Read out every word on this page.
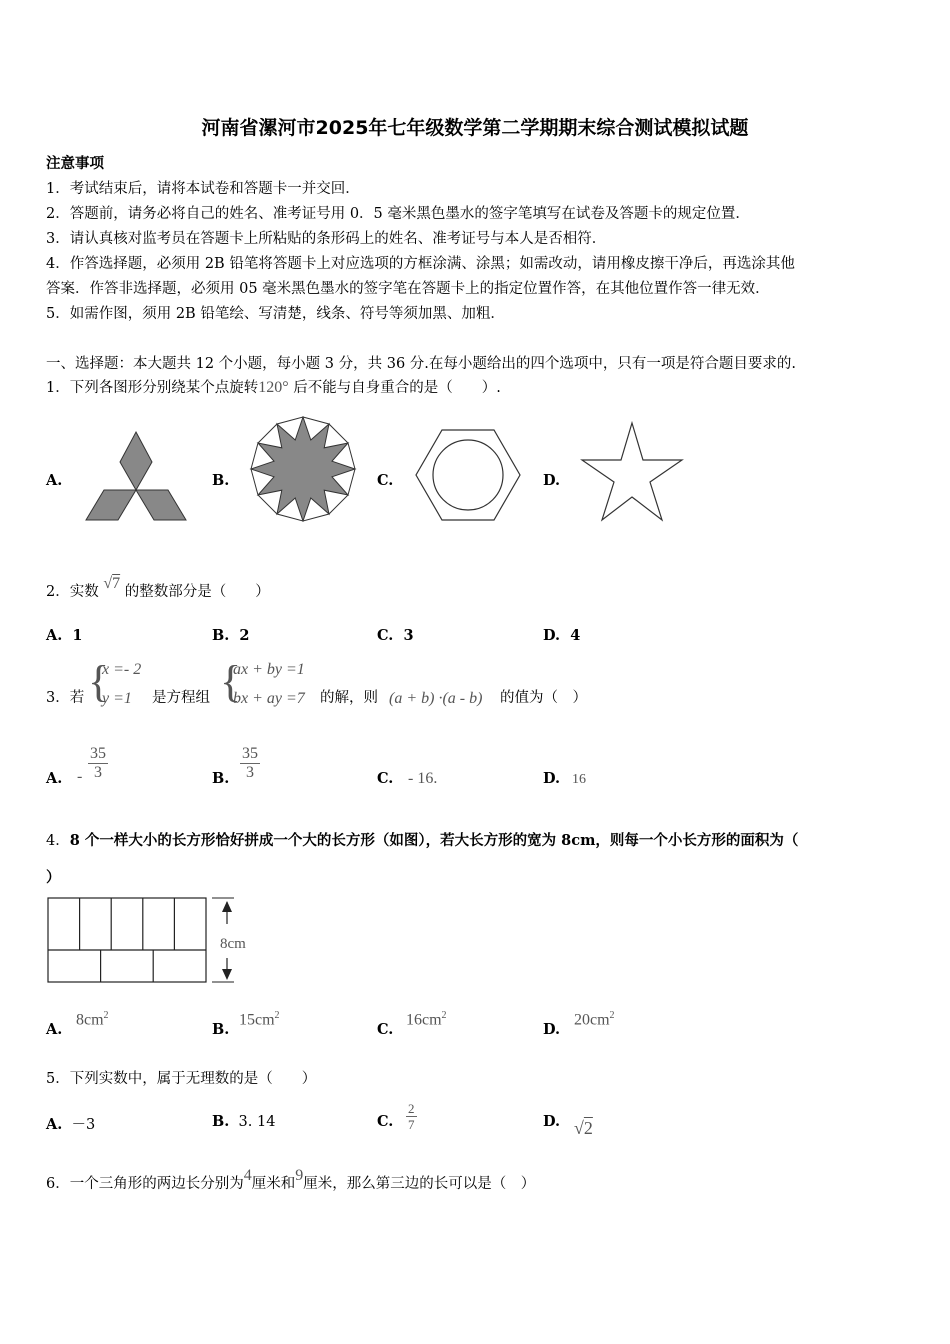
河南省漯河市2025年七年级数学第二学期期末综合测试模拟试题
注意事项
1．考试结束后，请将本试卷和答题卡一并交回．
2．答题前，请务必将自己的姓名、准考证号用 0．5 毫米黑色墨水的签字笔填写在试卷及答题卡的规定位置．
3．请认真核对监考员在答题卡上所粘贴的条形码上的姓名、准考证号与本人是否相符．
4．作答选择题，必须用 2B 铅笔将答题卡上对应选项的方框涂满、涂黑；如需改动，请用橡皮擦干净后，再选涂其他
答案．作答非选择题，必须用 05 毫米黑色墨水的签字笔在答题卡上的指定位置作答，在其他位置作答一律无效．
5．如需作图，须用 2B 铅笔绘、写清楚，线条、符号等须加黑、加粗．
一、选择题：本大题共 12 个小题，每小题 3 分，共 36 分.在每小题给出的四个选项中，只有一项是符合题目要求的.
1．下列各图形分别绕某个点旋转120° 后不能与自身重合的是（　　）.
A.	B.	C.	D.
2．实数 √7 的整数部分是（　　）
A. 1	B. 2	C. 3	D. 4
3．若 {
x =- 2
y =1 是方程组 {
ax + by =1
bx + ay =7 的解，则 (a + b) ·(a - b) 的值为（　）
A. - $\frac{35}{3}$	B. $\frac{35}{3}$	C. - 16.	D. 16
4．8 个一样大小的长方形恰好拼成一个大的长方形（如图），若大长方形的宽为 8cm，则每一个小长方形的面积为（
）
8cm
A.
$8cm^2$
B.
$15cm^2$
C.
$16cm^2$
D.
$20cm^2$
5．下列实数中，属于无理数的是（　　）
A. －3	B. 3. 14	C. $\frac{2}{7}$	D. √2
6．一个三角形的两边长分别为4厘米和9厘米，那么第三边的长可以是（　）
